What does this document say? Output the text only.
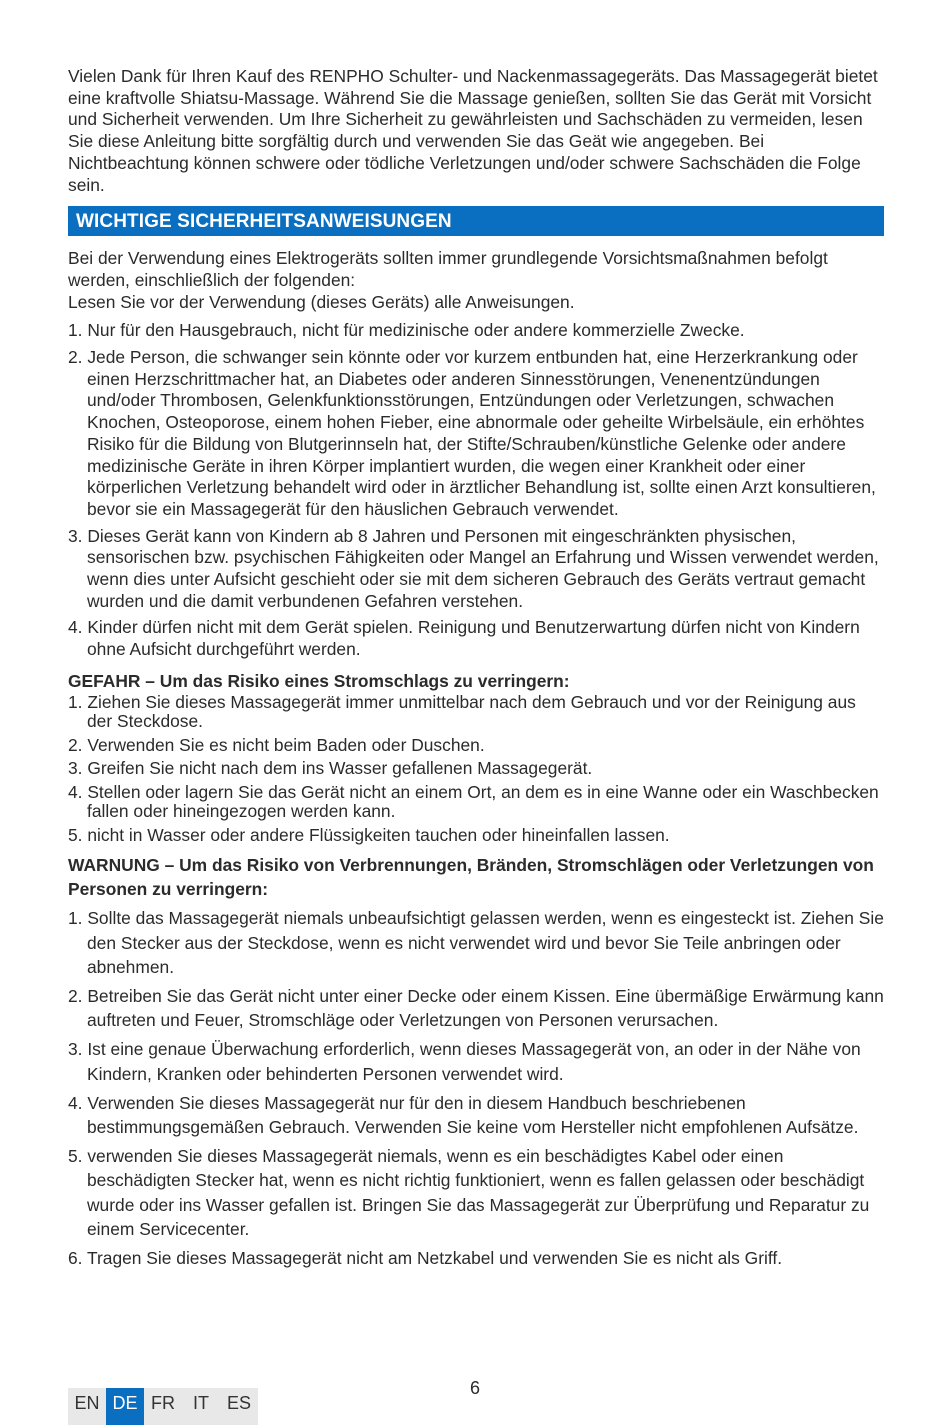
Vielen Dank für Ihren Kauf des RENPHO Schulter- und Nackenmassagegeräts. Das Massagegerät bietet eine kraftvolle Shiatsu-Massage. Während Sie die Massage genießen, sollten Sie das Gerät mit Vorsicht und Sicherheit verwenden. Um Ihre Sicherheit zu gewährleisten und Sachschäden zu vermeiden, lesen Sie diese Anleitung bitte sorgfältig durch und verwenden Sie das Geät wie angegeben. Bei Nichtbeachtung können schwere oder tödliche Verletzungen und/oder schwere Sachschäden die Folge sein.

WICHTIGE SICHERHEITSANWEISUNGEN

Bei der Verwendung eines Elektrogeräts sollten immer grundlegende Vorsichtsmaßnahmen befolgt werden, einschließlich der folgenden:
Lesen Sie vor der Verwendung (dieses Geräts) alle Anweisungen.

1. Nur für den Hausgebrauch, nicht für medizinische oder andere kommerzielle Zwecke.
2. Jede Person, die schwanger sein könnte oder vor kurzem entbunden hat, eine Herzerkrankung oder einen Herzschrittmacher hat, an Diabetes oder anderen Sinnesstörungen, Venenentzündungen und/oder Thrombosen, Gelenkfunktionsstörungen, Entzündungen oder Verletzungen, schwachen Knochen, Osteoporose, einem hohen Fieber, eine abnormale oder geheilte Wirbelsäule, ein erhöhtes Risiko für die Bildung von Blutgerinnseln hat, der Stifte/Schrauben/künstliche Gelenke oder andere medizinische Geräte in ihren Körper implantiert wurden, die wegen einer Krankheit oder einer körperlichen Verletzung behandelt wird oder in ärztlicher Behandlung ist, sollte einen Arzt konsultieren, bevor sie ein Massagegerät für den häuslichen Gebrauch verwendet.
3. Dieses Gerät kann von Kindern ab 8 Jahren und Personen mit eingeschränkten physischen, sensorischen bzw. psychischen Fähigkeiten oder Mangel an Erfahrung und Wissen verwendet werden, wenn dies unter Aufsicht geschieht oder sie mit dem sicheren Gebrauch des Geräts vertraut gemacht wurden und die damit verbundenen Gefahren verstehen.
4. Kinder dürfen nicht mit dem Gerät spielen. Reinigung und Benutzerwartung dürfen nicht von Kindern ohne Aufsicht durchgeführt werden.

GEFAHR – Um das Risiko eines Stromschlags zu verringern:

1. Ziehen Sie dieses Massagegerät immer unmittelbar nach dem Gebrauch und vor der Reinigung aus der Steckdose.
2. Verwenden Sie es nicht beim Baden oder Duschen.
3. Greifen Sie nicht nach dem ins Wasser gefallenen Massagegerät.
4. Stellen oder lagern Sie das Gerät nicht an einem Ort, an dem es in eine Wanne oder ein Waschbecken fallen oder hineingezogen werden kann.
5. nicht in Wasser oder andere Flüssigkeiten tauchen oder hineinfallen lassen.

WARNUNG – Um das Risiko von Verbrennungen, Bränden, Stromschlägen oder Verletzungen von Personen zu verringern:

1. Sollte das Massagegerät niemals unbeaufsichtigt gelassen werden, wenn es eingesteckt ist. Ziehen Sie den Stecker aus der Steckdose, wenn es nicht verwendet wird und bevor Sie Teile anbringen oder abnehmen.
2. Betreiben Sie das Gerät nicht unter einer Decke oder einem Kissen. Eine übermäßige Erwärmung kann auftreten und Feuer, Stromschläge oder Verletzungen von Personen verursachen.
3. Ist eine genaue Überwachung erforderlich, wenn dieses Massagegerät von, an oder in der Nähe von Kindern, Kranken oder behinderten Personen verwendet wird.
4. Verwenden Sie dieses Massagegerät nur für den in diesem Handbuch beschriebenen bestimmungsgemäßen Gebrauch. Verwenden Sie keine vom Hersteller nicht empfohlenen Aufsätze.
5. verwenden Sie dieses Massagegerät niemals, wenn es ein beschädigtes Kabel oder einen beschädigten Stecker hat, wenn es nicht richtig funktioniert, wenn es fallen gelassen oder beschädigt wurde oder ins Wasser gefallen ist. Bringen Sie das Massagegerät zur Überprüfung und Reparatur zu einem Servicecenter.
6. Tragen Sie dieses Massagegerät nicht am Netzkabel und verwenden Sie es nicht als Griff.
6
EN DE FR	IT ES
